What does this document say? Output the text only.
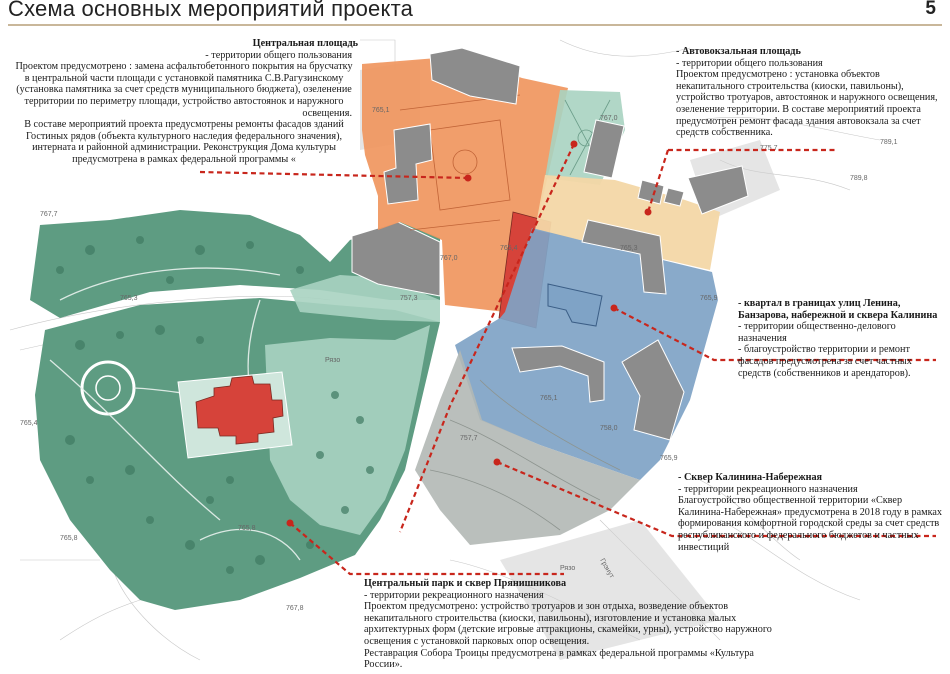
Схема основных мероприятий проекта	5
767,7
765,1
765,4
765,3
765,8
767,8
765,8
757,3
767,0
757,7
765,1
758,0
765,9
765,4	765,3
765,9
775,7
789,1
767,0
789,8
Рязо
Рязо
Грэнут
Центральная площадь
- территории общего пользования
Проектом предусмотрено : замена асфальтобетонного покрытия на брусчатку
в центральной части площади с установкой памятника С.В.Рагузинскому
(установка памятника за счет средств муниципального бюджета), озеленение
территории по периметру площади, устройство автостоянок и наружного
освещения.
В составе мероприятий проекта предусмотрены ремонты фасадов зданий
Гостиных рядов (объекта культурного наследия федерального значения),
интерната и районной администрации. Реконструкция Дома культуры
предусмотрена в рамках федеральной программы «
- Автовокзальная площадь
- территории общего пользования
Проектом предусмотрено : установка объектов
некапитального строительства (киоски, павильоны),
устройство тротуаров, автостоянок и наружного освещения,
озеленение территории. В составе мероприятий проекта
предусмотрен ремонт фасада здания автовокзала за счет
средств собственника.
- квартал в границах улиц Ленина,
Банзарова, набережной и сквера Калинина
- территории общественно-делового
назначения
- благоустройство территории и ремонт
фасадов предусмотрена за счет частных
средств (собственников и арендаторов).
- Сквер Калинина-Набережная
- территории рекреационного назначения
Благоустройство общественной территории «Сквер
Калинина-Набережная» предусмотрена в 2018 году в рамках
формирования комфортной городской среды за счет средств
республиканского и федерального бюджетов и частных
инвестиций
Центральный парк и сквер Прянишникова
- территории рекреационного назначения
Проектом предусмотрено: устройство тротуаров и зон отдыха, возведение объектов
некапитального строительства (киоски, павильоны), изготовление и установка малых
архитектурных форм (детские игровые аттракционы, скамейки, урны), устройство наружного
освещения с установкой парковых опор освещения.
Реставрация Собора Троицы предусмотрена в рамках федеральной программы «Культура
России».
